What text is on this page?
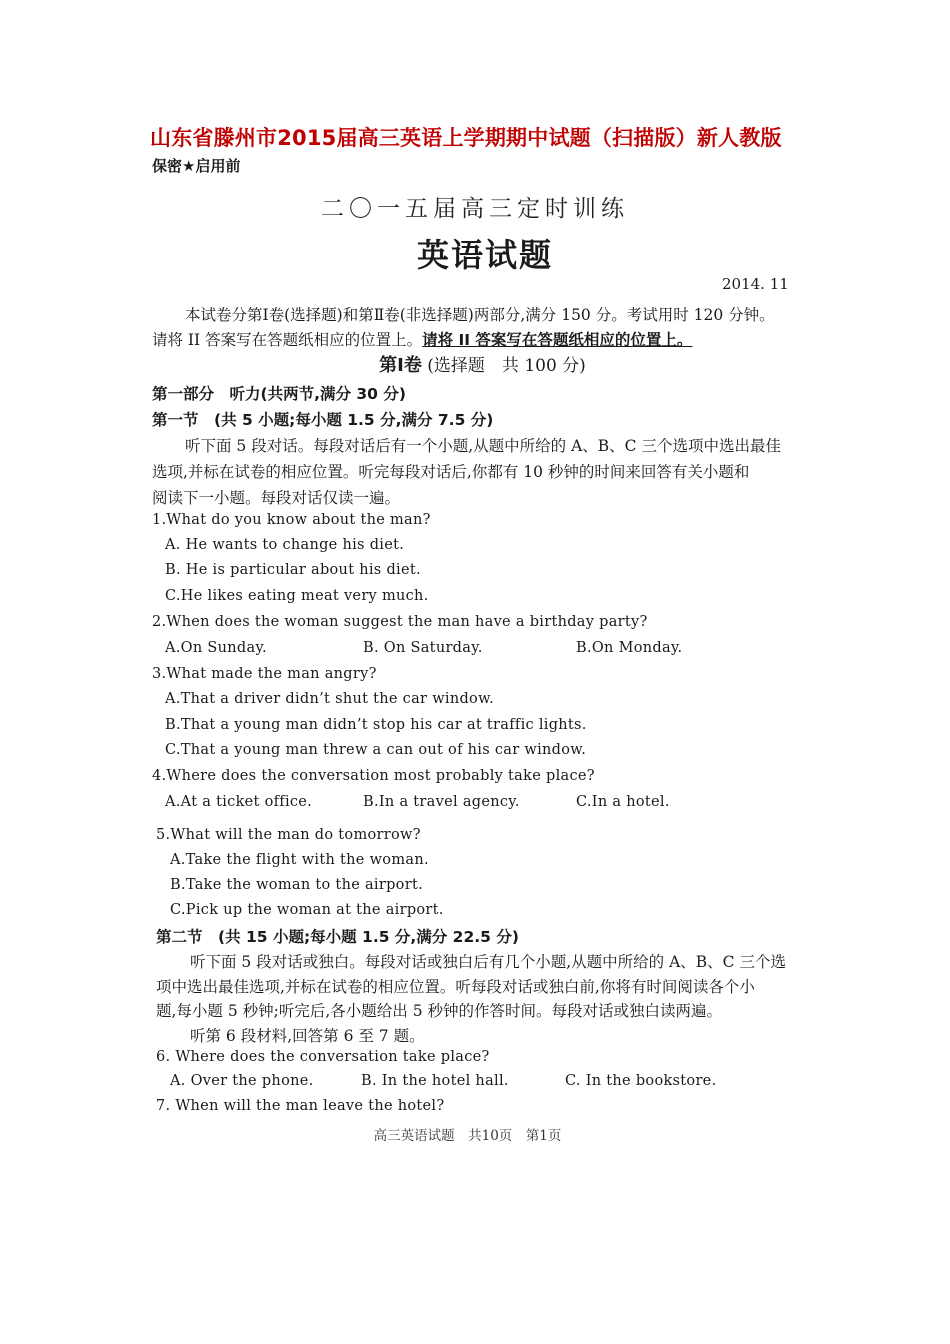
山东省滕州市2015届高三英语上学期期中试题（扫描版）新人教版
保密★启用前
二〇一五届高三定时训练
英语试题
2014. 11
本试卷分第Ⅰ卷(选择题)和第Ⅱ卷(非选择题)两部分,满分 150 分。考试用时 120 分钟。
请将 II 答案写在答题纸相应的位置上。请将 II 答案写在答题纸相应的位置上。
第Ⅰ卷 (选择题　共 100 分)
第一部分　听力(共两节,满分 30 分)
第一节　(共 5 小题;每小题 1.5 分,满分 7.5 分)
听下面 5 段对话。每段对话后有一个小题,从题中所给的 A、B、C 三个选项中选出最佳
选项,并标在试卷的相应位置。听完每段对话后,你都有 10 秒钟的时间来回答有关小题和
阅读下一小题。每段对话仅读一遍。
1.What do you know about the man?
A. He wants to change his diet.
B. He is particular about his diet.
C.He likes eating meat very much.
2.When does the woman suggest the man have a birthday party?
A.On Sunday.	B. On Saturday.	B.On Monday.
3.What made the man angry?
A.That a driver didn’t shut the car window.
B.That a young man didn’t stop his car at traffic lights.
C.That a young man threw a can out of his car window.
4.Where does the conversation most probably take place?
A.At a ticket office.	B.In a travel agency.	C.In a hotel.
5.What will the man do tomorrow?
A.Take the flight with the woman.
B.Take the woman to the airport.
C.Pick up the woman at the airport.
第二节　(共 15 小题;每小题 1.5 分,满分 22.5 分)
听下面 5 段对话或独白。每段对话或独白后有几个小题,从题中所给的 A、B、C 三个选
项中选出最佳选项,并标在试卷的相应位置。听每段对话或独白前,你将有时间阅读各个小
题,每小题 5 秒钟;听完后,各小题给出 5 秒钟的作答时间。每段对话或独白读两遍。
听第 6 段材料,回答第 6 至 7 题。
6. Where does the conversation take place?
A. Over the phone.	B. In the hotel hall.	C. In the bookstore.
7. When will the man leave the hotel?
高三英语试题　共10页　第1页
